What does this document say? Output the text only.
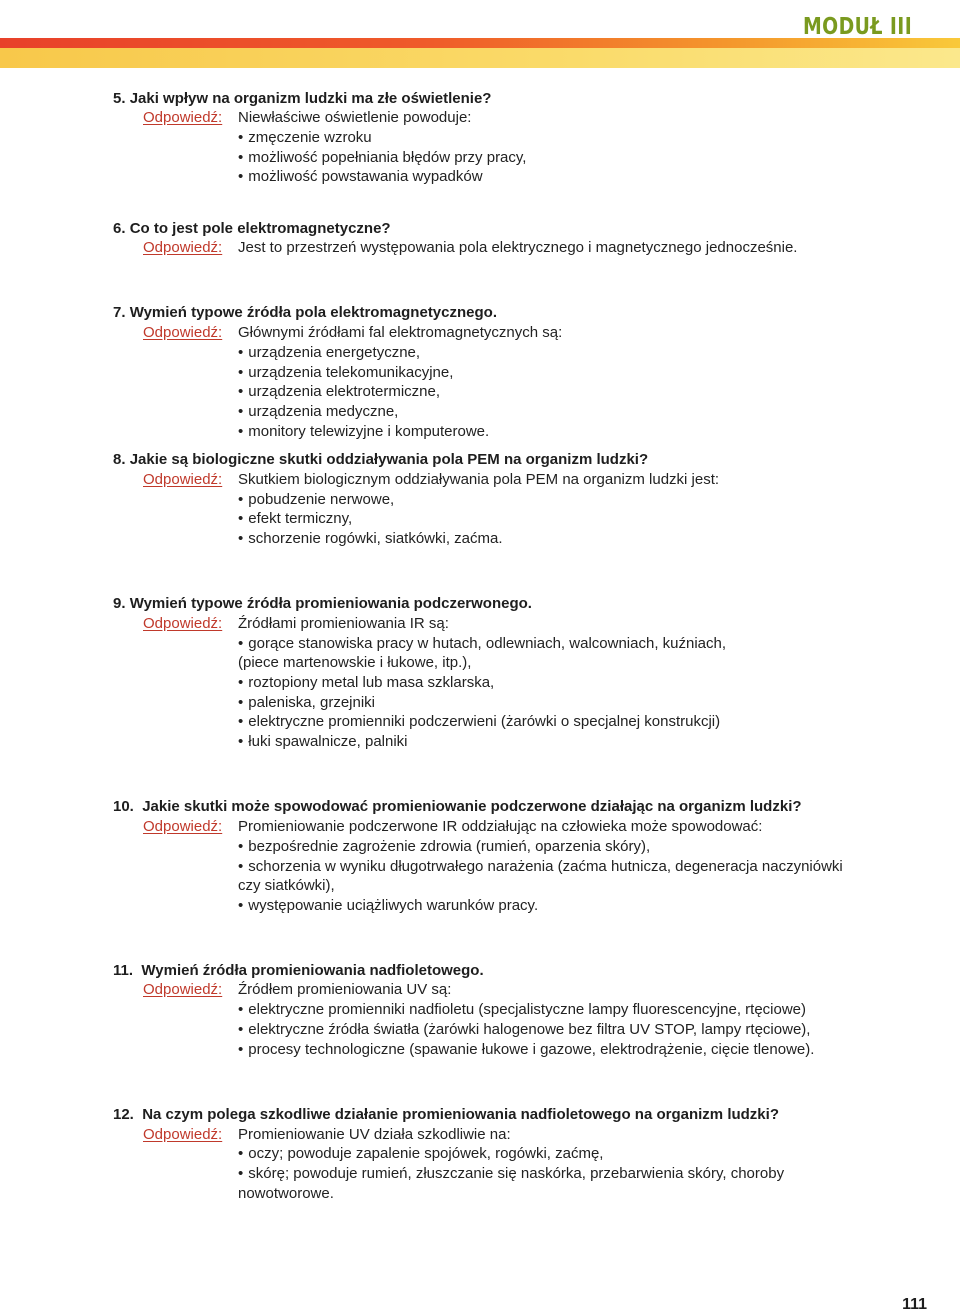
MODUŁ III
5. Jaki wpływ na organizm ludzki ma złe oświetlenie?
Odpowiedź: Niewłaściwe oświetlenie powoduje:
• zmęczenie wzroku
• możliwość popełniania błędów przy pracy,
• możliwość powstawania wypadków
6. Co to jest pole elektromagnetyczne?
Odpowiedź: Jest to przestrzeń występowania pola elektrycznego i magnetycznego jednocześnie.
7. Wymień typowe źródła pola elektromagnetycznego.
Odpowiedź: Głównymi źródłami fal elektromagnetycznych są:
• urządzenia energetyczne,
• urządzenia telekomunikacyjne,
• urządzenia elektrotermiczne,
• urządzenia medyczne,
• monitory telewizyjne i komputerowe.
8. Jakie są biologiczne skutki oddziaływania pola PEM na organizm ludzki?
Odpowiedź: Skutkiem biologicznym oddziaływania pola PEM na organizm ludzki jest:
• pobudzenie nerwowe,
• efekt termiczny,
• schorzenie rogówki, siatkówki, zaćma.
9. Wymień typowe źródła promieniowania podczerwonego.
Odpowiedź: Źródłami promieniowania IR są:
• gorące stanowiska pracy w hutach, odlewniach, walcowniach, kuźniach,
(piece martenowskie i łukowe, itp.),
• roztopiony metal lub masa szklarska,
• paleniska, grzejniki
• elektryczne promienniki podczerwieni (żarówki o specjalnej konstrukcji)
• łuki spawalnicze, palniki
10. Jakie skutki może spowodować promieniowanie podczerwone działając na organizm ludzki?
Odpowiedź: Promieniowanie podczerwone IR oddziałując na człowieka może spowodować:
• bezpośrednie zagrożenie zdrowia (rumień, oparzenia skóry),
• schorzenia w wyniku długotrwałego narażenia (zaćma hutnicza, degeneracja naczyniówki
czy siatkówki),
• występowanie uciążliwych warunków pracy.
11. Wymień źródła promieniowania nadfioletowego.
Odpowiedź: Źródłem promieniowania UV są:
• elektryczne promienniki nadfioletu (specjalistyczne lampy fluorescencyjne, rtęciowe)
• elektryczne źródła światła (żarówki halogenowe bez filtra UV STOP, lampy rtęciowe),
• procesy technologiczne (spawanie łukowe i gazowe, elektrodrążenie, cięcie tlenowe).
12. Na czym polega szkodliwe działanie promieniowania nadfioletowego na organizm ludzki?
Odpowiedź: Promieniowanie UV działa szkodliwie na:
• oczy; powoduje zapalenie spojówek, rogówki, zaćmę,
• skórę; powoduje rumień, złuszczanie się naskórka, przebarwienia skóry, choroby
nowotworowe.
111
